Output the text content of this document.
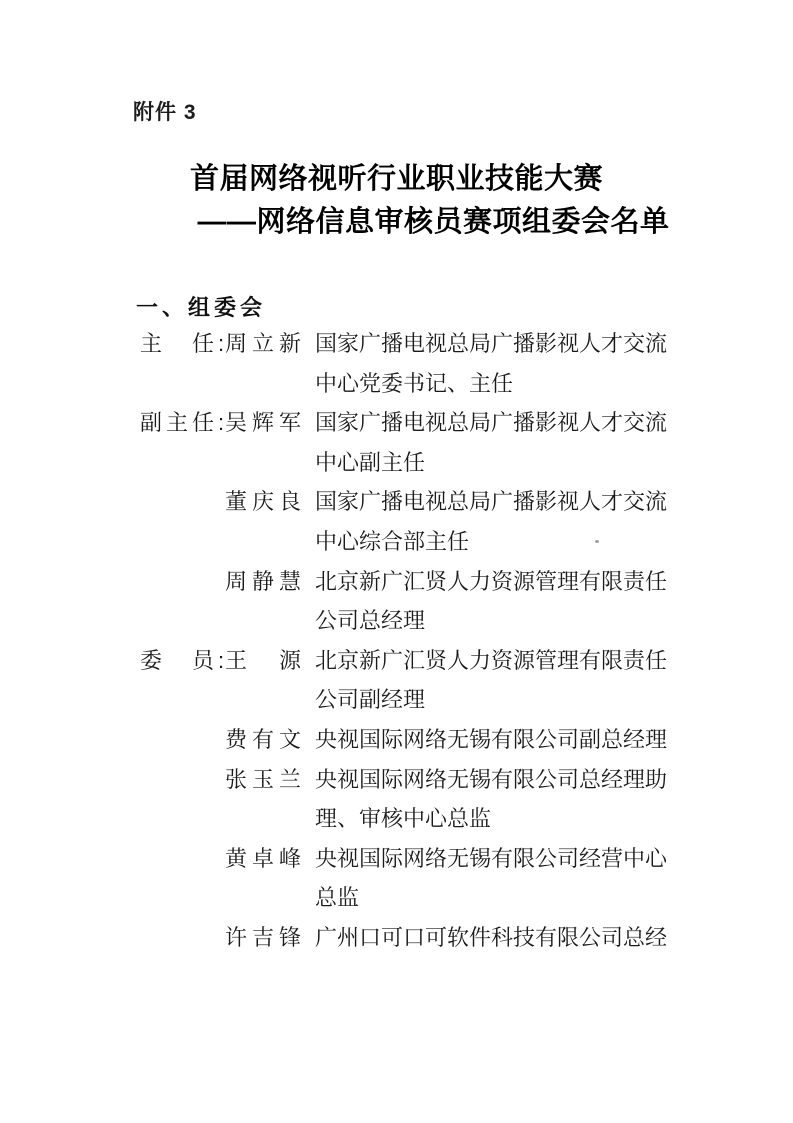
附件 3
首届网络视听行业职业技能大赛
——网络信息审核员赛项组委会名单
一、组委会
主　任:
周立新 国家广播电视总局广播影视人才交流中心党委书记、主任
副主任:
吴辉军 国家广播电视总局广播影视人才交流中心副主任
董庆良 国家广播电视总局广播影视人才交流中心综合部主任
周静慧 北京新广汇贤人力资源管理有限责任公司总经理
委　员:
王　源 北京新广汇贤人力资源管理有限责任公司副经理
费有文 央视国际网络无锡有限公司副总经理
张玉兰 央视国际网络无锡有限公司总经理助理、审核中心总监
黄卓峰 央视国际网络无锡有限公司经营中心总监
许吉锋 广州口可口可软件科技有限公司总经
